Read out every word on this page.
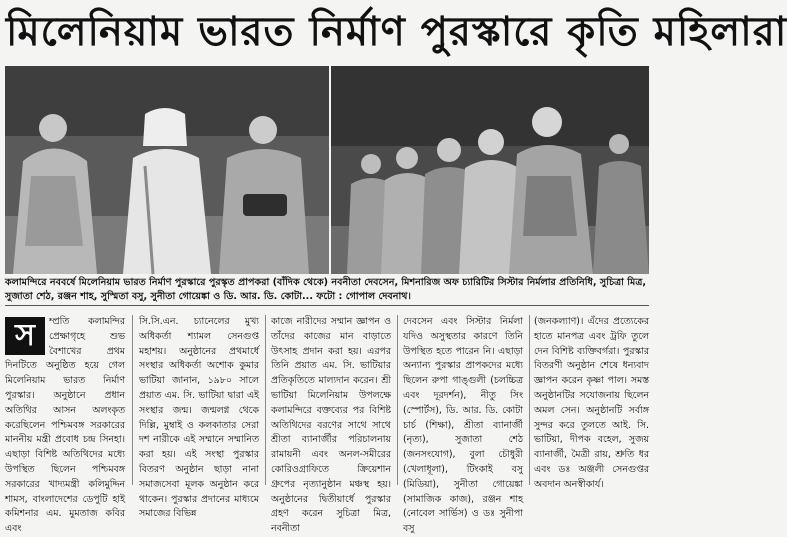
মিলেনিয়াম ভারত নির্মাণ পুরস্কারে কৃতি মহিলারা
কলামন্দিরে নববর্ষে মিলেনিয়াম ভারত নির্মাণ পুরস্কারে পুরস্কৃত প্রাপকরা (বাঁদিক থেকে) নবনীতা দেবসেন, মিশনারিজ অফ চ্যারিটির সিস্টার নির্মলার প্রতিনিধি, সুচিত্রা মিত্র, সুজাতা শেঠ, রঞ্জন শাহ, সুস্মিতা বসু, সুনীতা গোয়েঙ্কা ও ডি. আর. ডি. কোটা... ফটো : গোপাল দেবনাথ।
স	ম্প্রতি কলামন্দির প্রেক্ষাগৃহে শুভ বৈশাখের প্রথম দিনটিতে অনুষ্ঠিত হয়ে গেল মিলেনিয়াম ভারত নির্মাণ পুরস্কার। অনুষ্ঠানে প্রধান অতিথির আসন অলংকৃত করেছিলেন পশ্চিমবঙ্গ সরকারের মাননীয় মন্ত্রী প্রবোধ চন্দ্র সিনহা। এছাড়া বিশিষ্ট অতিথিদের মধ্যে উপস্থিত ছিলেন পশ্চিমবঙ্গ সরকারের খাদ্যমন্ত্রী কলিমুদ্দিন শামস, বাংলাদেশের ডেপুটি হাই কমিশনার এম. মুমতাজ কবির এবং

সি.সি.এন. চ্যানেলের মুখ্য অধিকর্তা শ্যামল সেনগুপ্ত মহাশয়। অনুষ্ঠানের প্রথমার্ধে সংস্থার অধিকর্তা অশোক কুমার ভাটিয়া জানান, ১৯৮০ সালে প্রয়াত এম. সি. ভাটিয়া দ্বারা এই সংস্থার জন্ম। জন্মলগ্ন থেকে দিল্লি, মুম্বাই ও কলকাতার সেরা দশ নারীকে এই সম্মানে সম্মানিত করা হয়। এই সংস্থা পুরস্কার বিতরণ অনুষ্ঠান ছাড়া নানা সমাজসেবা মূলক অনুষ্ঠান করে থাকেন। পুরস্কার প্রদানের মাধ্যমে সমাজের বিভিন্ন

কাজে নারীদের সম্মান জ্ঞাপন ও তাঁদের কাজের মান বাড়াতে উৎসাহ প্রদান করা হয়। এরপর তিনি প্রয়াত এম. সি. ভাটিয়ার প্রতিকৃতিতে মাল্যদান করেন। শ্রী ভাটিয়া মিলেনিয়াম উপলক্ষে কলামন্দিরে বক্তব্যের পর বিশিষ্ট অতিথিদের বরণের সাথে সাথে শ্রীতা ব্যানার্জীর পরিচালনায় রামায়নী এবং অনল-সমীরের কোরিওগ্রাফিতে ক্রিয়েশান গ্রুপের নৃত্যানুষ্ঠান মঞ্চস্থ হয়। অনুষ্ঠানের দ্বিতীয়ার্ধে পুরস্কার গ্রহণ করেন সুচিত্রা মিত্র, নবনীতা

দেবসেন এবং সিস্টার নির্মলা যদিও অসুস্থতার কারণে তিনি উপস্থিত হতে পারেন নি। এছাড়া অন্যান্য পুরস্কার প্রাপকদের মধ্যে ছিলেন রুপা গাঙ্গুলী (চলচ্চিত্র এবং দূরদর্শন), নীতু সিং (স্পোর্টস), ডি. আর. ডি. কোটা চার্চ (শিক্ষা), শ্রীতা ব্যানার্জী (নৃত্য), সুজাতা শেঠ (জনসংযোগ), বুলা চৌধুরী (খেলাধূলা), টিংকাই বসু (মিডিয়া), সুনীতা গোয়েঙ্কা (সামাজিক কাজ), রঞ্জন শাহ (নোবেল সার্ভিস) ও ডঃ সুনীপা বসু

(জনকল্যাণ)। এঁদের প্রত্যেকের হাতে মানপত্র এবং ট্রফি তুলে দেন বিশিষ্ট ব্যক্তিবর্গরা। পুরস্কার বিতরণী অনুষ্ঠান শেষে ধন্যবাদ জ্ঞাপন করেন কৃষ্ণা পাল। সমস্ত অনুষ্ঠানটির সযোজনায় ছিলেন অমল সেন। অনুষ্ঠানটি সর্বাঙ্গ সুন্দর করে তুলতে আই. সি. ভাটিয়া, দীপক বহেল, সুজয় ব্যানার্জী, মৈত্রী রায়, শ্রুতি ধর এবং ডঃ অঞ্জলী সেনগুপ্তর অবদান অনস্বীকার্য।
